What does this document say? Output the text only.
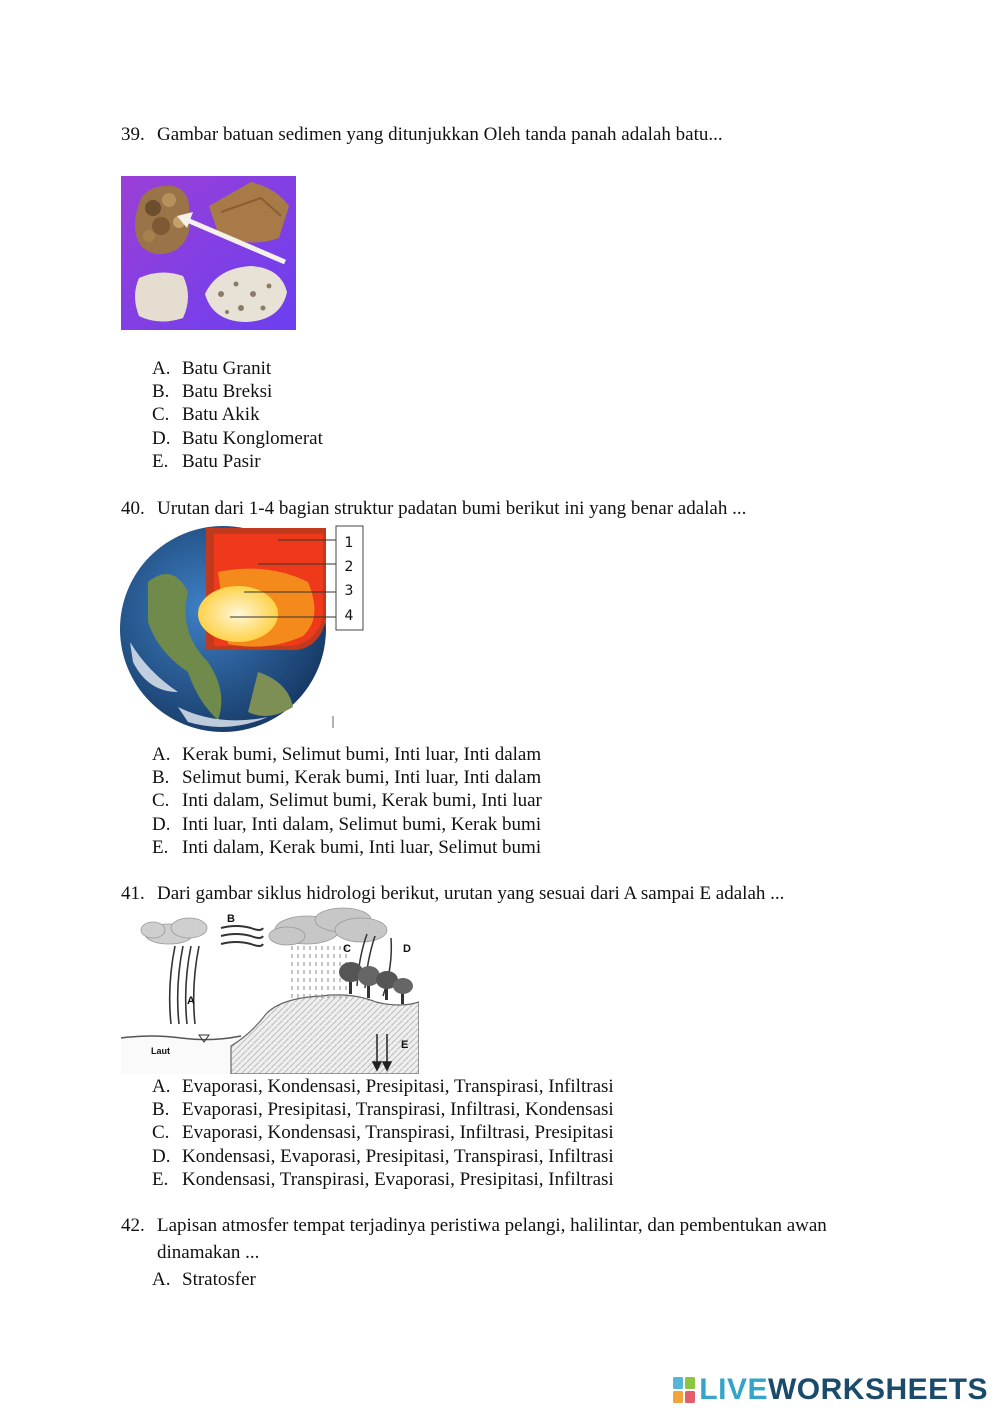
39. Gambar batuan sedimen yang ditunjukkan Oleh tanda panah adalah batu...
A. Batu Granit
B. Batu Breksi
C. Batu Akik
D. Batu Konglomerat
E. Batu Pasir
40. Urutan dari 1-4 bagian struktur padatan bumi berikut ini yang benar adalah ...
1
2
3
4
A. Kerak bumi, Selimut bumi, Inti luar, Inti dalam
B. Selimut bumi, Kerak bumi, Inti luar, Inti dalam
C. Inti dalam, Selimut bumi, Kerak bumi, Inti luar
D. Inti luar, Inti dalam, Selimut bumi, Kerak bumi
E. Inti dalam, Kerak bumi, Inti luar, Selimut bumi
41. Dari gambar siklus hidrologi berikut, urutan yang sesuai dari A sampai E adalah ...
A
B
C	D
E
Laut
A. Evaporasi, Kondensasi, Presipitasi, Transpirasi, Infiltrasi
B. Evaporasi, Presipitasi, Transpirasi, Infiltrasi, Kondensasi
C. Evaporasi, Kondensasi, Transpirasi, Infiltrasi, Presipitasi
D. Kondensasi, Evaporasi, Presipitasi, Transpirasi, Infiltrasi
E. Kondensasi, Transpirasi, Evaporasi, Presipitasi, Infiltrasi
42. Lapisan atmosfer tempat terjadinya peristiwa pelangi, halilintar, dan pembentukan awan
dinamakan ...
A. Stratosfer
LIVEWORKSHEETS
